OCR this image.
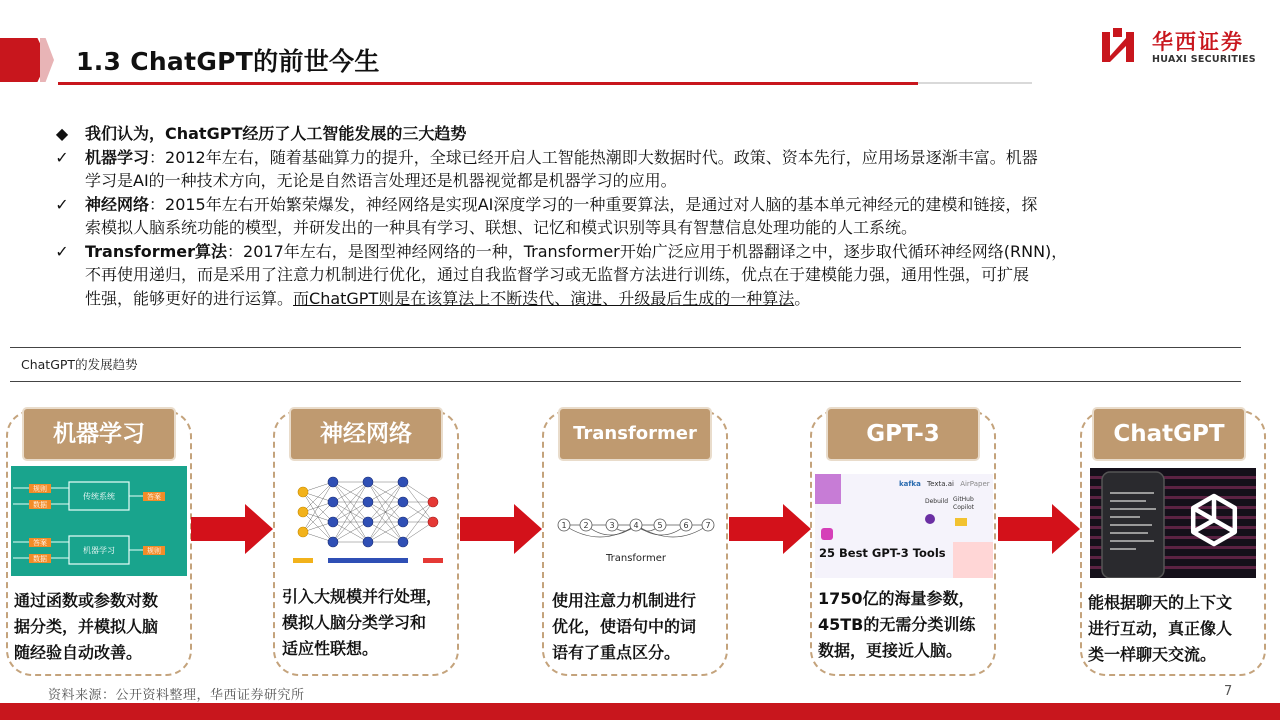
1.3 ChatGPT的前世今生
华西证券
HUAXI SECURITIES
◆ 我们认为，ChatGPT经历了人工智能发展的三大趋势
✓ 机器学习：2012年左右，随着基础算力的提升，全球已经开启人工智能热潮即大数据时代。政策、资本先行，应用场景逐渐丰富。机器
学习是AI的一种技术方向，无论是自然语言处理还是机器视觉都是机器学习的应用。
✓ 神经网络：2015年左右开始繁荣爆发，神经网络是实现AI深度学习的一种重要算法，是通过对人脑的基本单元神经元的建模和链接，探
索模拟人脑系统功能的模型，并研发出的一种具有学习、联想、记忆和模式识别等具有智慧信息处理功能的人工系统。
✓ Transformer算法：2017年左右，是图型神经网络的一种，Transformer开始广泛应用于机器翻译之中，逐步取代循环神经网络(RNN)，
不再使用递归，而是采用了注意力机制进行优化，通过自我监督学习或无监督方法进行训练，优点在于建模能力强，通用性强，可扩展
性强，能够更好的进行运算。而ChatGPT则是在该算法上不断迭代、演进、升级最后生成的一种算法。
ChatGPT的发展趋势
机器学习
规则
数据
传统系统	答案
答案
数据
机器学习	规则
通过函数或参数对数
据分类，并模拟人脑
随经验自动改善。
神经网络
引入大规模并行处理，
模拟人脑分类学习和
适应性联想。
Transformer
1 2	3 4 5	6 7
Transformer
使用注意力机制进行
优化，使语句中的词
语有了重点区分。
GPT-3
kafka Texta.ai AirPaper
Debuild GitHub Copilot
25 Best GPT-3 Tools
1750亿的海量参数，
45TB的无需分类训练
数据，更接近人脑。
ChatGPT
能根据聊天的上下文
进行互动，真正像人
类一样聊天交流。
资料来源：公开资料整理，华西证券研究所	7
